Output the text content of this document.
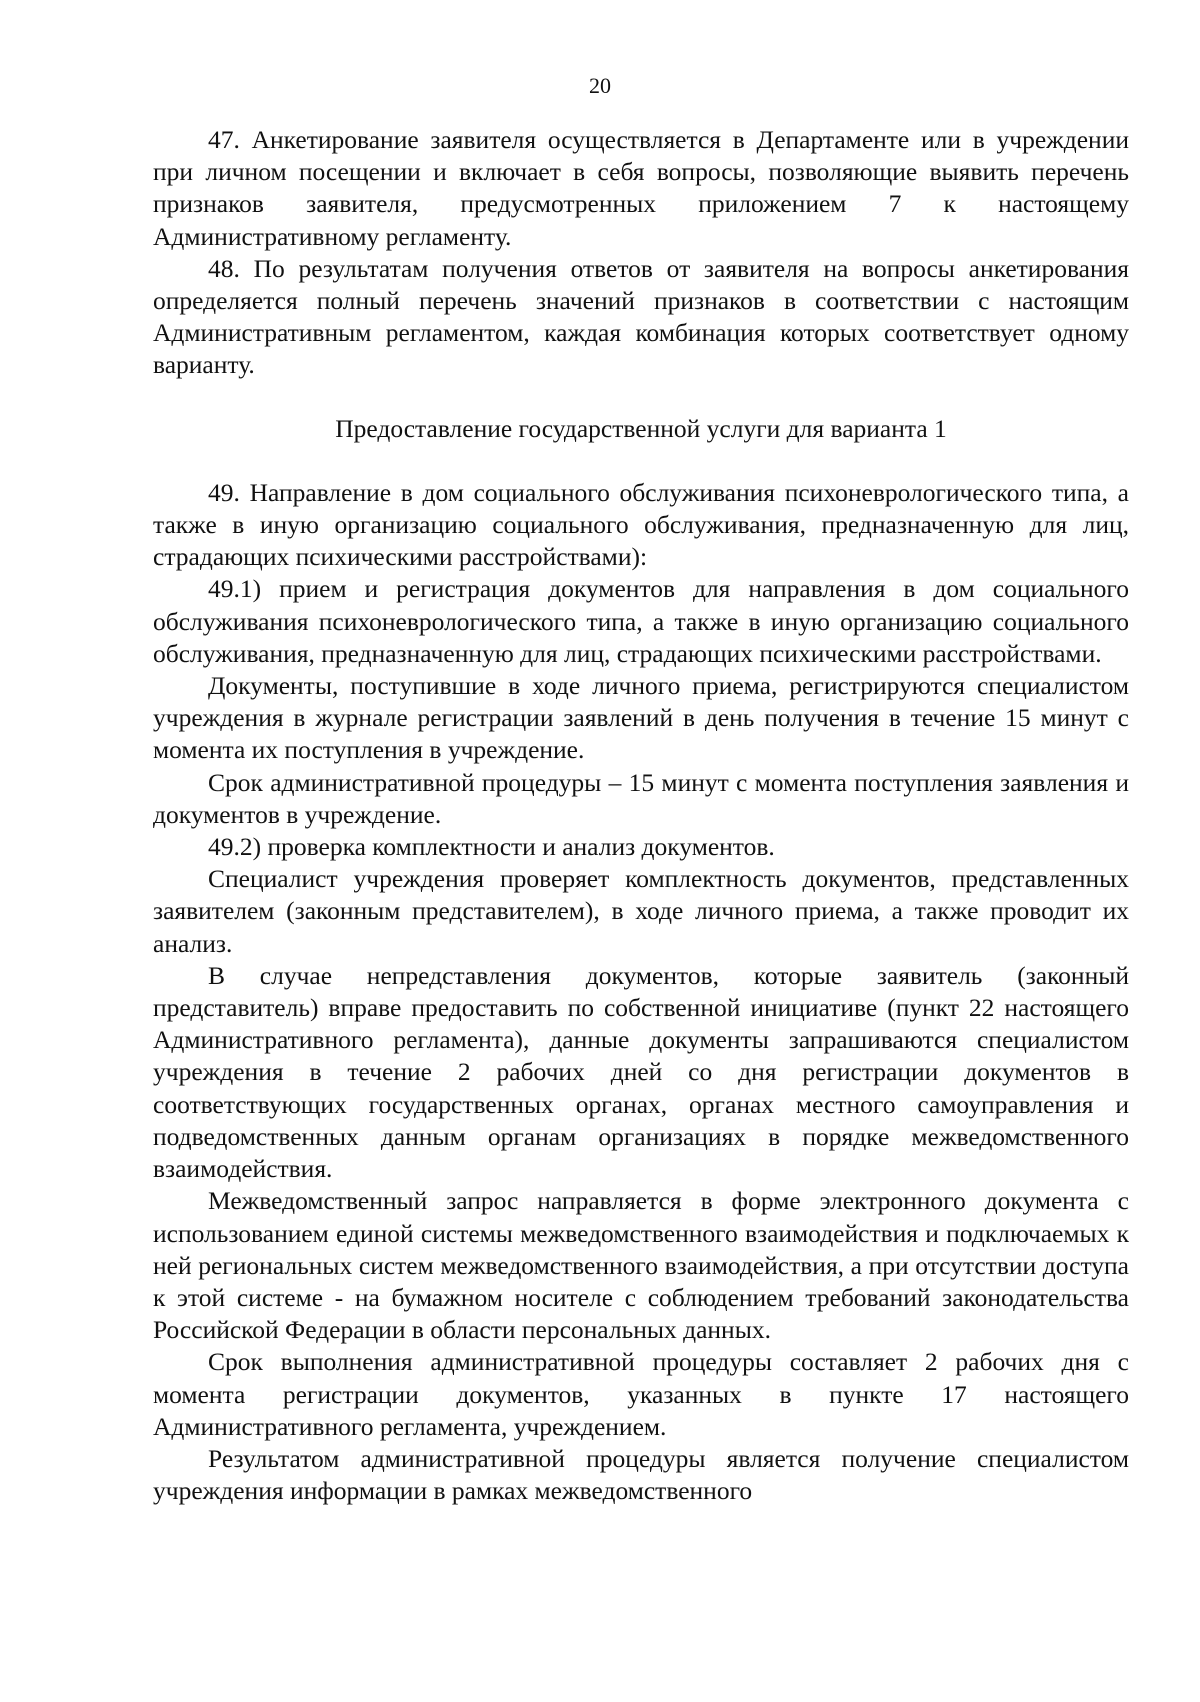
20

47. Анкетирование заявителя осуществляется в Департаменте или в учреждении при личном посещении и включает в себя вопросы, позволяющие выявить перечень признаков заявителя, предусмотренных приложением 7 к настоящему Административному регламенту.

48. По результатам получения ответов от заявителя на вопросы анкетирования определяется полный перечень значений признаков в соответствии с настоящим Административным регламентом, каждая комбинация которых соответствует одному варианту.

Предоставление государственной услуги для варианта 1

49. Направление в дом социального обслуживания психоневрологического типа, а также в иную организацию социального обслуживания, предназначенную для лиц, страдающих психическими расстройствами):

49.1) прием и регистрация документов для направления в дом социального обслуживания психоневрологического типа, а также в иную организацию социального обслуживания, предназначенную для лиц, страдающих психическими расстройствами.

Документы, поступившие в ходе личного приема, регистрируются специалистом учреждения в журнале регистрации заявлений в день получения в течение 15 минут с момента их поступления в учреждение.

Срок административной процедуры – 15 минут с момента поступления заявления и документов в учреждение.

49.2) проверка комплектности и анализ документов.

Специалист учреждения проверяет комплектность документов, представленных заявителем (законным представителем), в ходе личного приема, а также проводит их анализ.

В случае непредставления документов, которые заявитель (законный представитель) вправе предоставить по собственной инициативе (пункт 22 настоящего Административного регламента), данные документы запрашиваются специалистом учреждения в течение 2 рабочих дней со дня регистрации документов в соответствующих государственных органах, органах местного самоуправления и подведомственных данным органам организациях в порядке межведомственного взаимодействия.

Межведомственный запрос направляется в форме электронного документа с использованием единой системы межведомственного взаимодействия и подключаемых к ней региональных систем межведомственного взаимодействия, а при отсутствии доступа к этой системе - на бумажном носителе с соблюдением требований законодательства Российской Федерации в области персональных данных.

Срок выполнения административной процедуры составляет 2 рабочих дня с момента регистрации документов, указанных в пункте 17 настоящего Административного регламента, учреждением.

Результатом административной процедуры является получение специалистом учреждения информации в рамках межведомственного
